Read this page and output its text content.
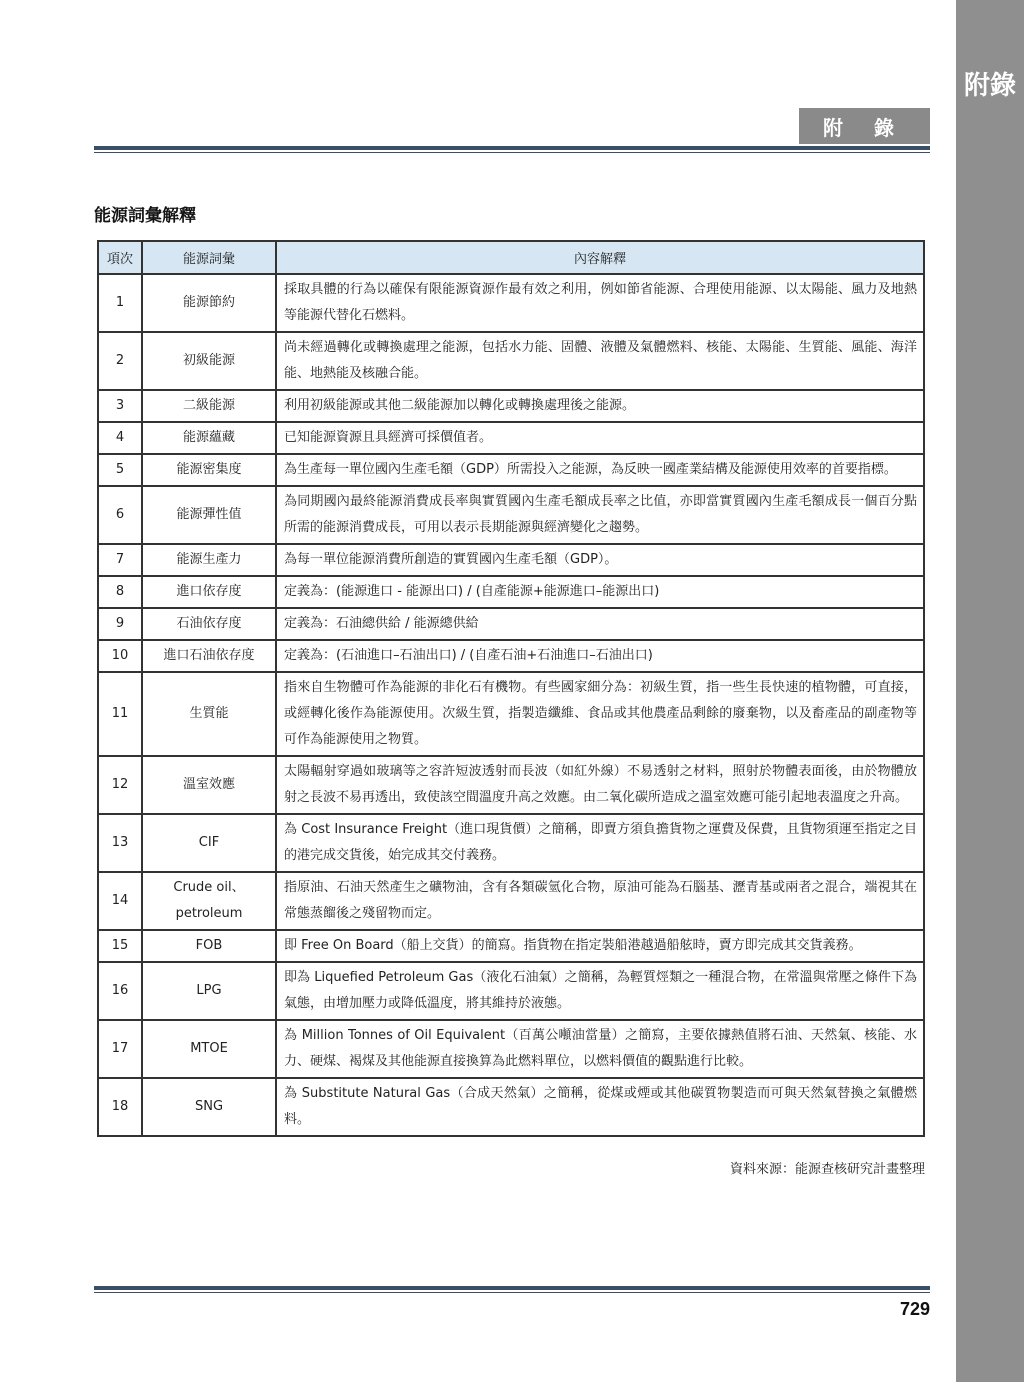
附錄
附 錄
能源詞彙解釋
項次	能源詞彙	內容解釋
1	能源節約	採取具體的行為以確保有限能源資源作最有效之利用，例如節省能源、合理使用能源、以太陽能、風力及地熱等能源代替化石燃料。
2	初級能源	尚未經過轉化或轉換處理之能源，包括水力能、固體、液體及氣體燃料、核能、太陽能、生質能、風能、海洋能、地熱能及核融合能。
3	二級能源	利用初級能源或其他二級能源加以轉化或轉換處理後之能源。
4	能源蘊藏	已知能源資源且具經濟可採價值者。
5	能源密集度	為生產每一單位國內生產毛額（GDP）所需投入之能源，為反映一國產業結構及能源使用效率的首要指標。
6	能源彈性值	為同期國內最終能源消費成長率與實質國內生產毛額成長率之比值，亦即當實質國內生產毛額成長一個百分點所需的能源消費成長，可用以表示長期能源與經濟變化之趨勢。
7	能源生產力	為每一單位能源消費所創造的實質國內生產毛額（GDP）。
8	進口依存度	定義為：(能源進口 - 能源出口) / (自產能源+能源進口–能源出口)
9	石油依存度	定義為：石油總供給 / 能源總供給
10	進口石油依存度	定義為：(石油進口–石油出口) / (自產石油+石油進口–石油出口)
11	生質能	指來自生物體可作為能源的非化石有機物。有些國家細分為：初級生質，指一些生長快速的植物體，可直接，或經轉化後作為能源使用。次級生質，指製造纖維、食品或其他農產品剩餘的廢棄物，以及畜產品的副產物等可作為能源使用之物質。
12	溫室效應	太陽輻射穿過如玻璃等之容許短波透射而長波（如紅外線）不易透射之材料，照射於物體表面後，由於物體放射之長波不易再透出，致使該空間溫度升高之效應。由二氧化碳所造成之溫室效應可能引起地表溫度之升高。
13	CIF	為 Cost Insurance Freight（進口現貨價）之簡稱，即賣方須負擔貨物之運費及保費，且貨物須運至指定之目的港完成交貨後，始完成其交付義務。
14	Crude oil、petroleum	指原油、石油天然產生之礦物油，含有各類碳氫化合物，原油可能為石腦基、瀝青基或兩者之混合，端視其在常態蒸餾後之殘留物而定。
15	FOB	即 Free On Board（船上交貨）的簡寫。指貨物在指定裝船港越過船舷時，賣方即完成其交貨義務。
16	LPG	即為 Liquefied Petroleum Gas（液化石油氣）之簡稱，為輕質烴類之一種混合物，在常溫與常壓之條件下為氣態，由增加壓力或降低溫度，將其維持於液態。
17	MTOE	為 Million Tonnes of Oil Equivalent（百萬公噸油當量）之簡寫，主要依據熱值將石油、天然氣、核能、水力、硬煤、褐煤及其他能源直接換算為此燃料單位，以燃料價值的觀點進行比較。
18	SNG	為 Substitute Natural Gas（合成天然氣）之簡稱，從煤或煙或其他碳質物製造而可與天然氣替換之氣體燃料。
資料來源：能源查核研究計畫整理
729
